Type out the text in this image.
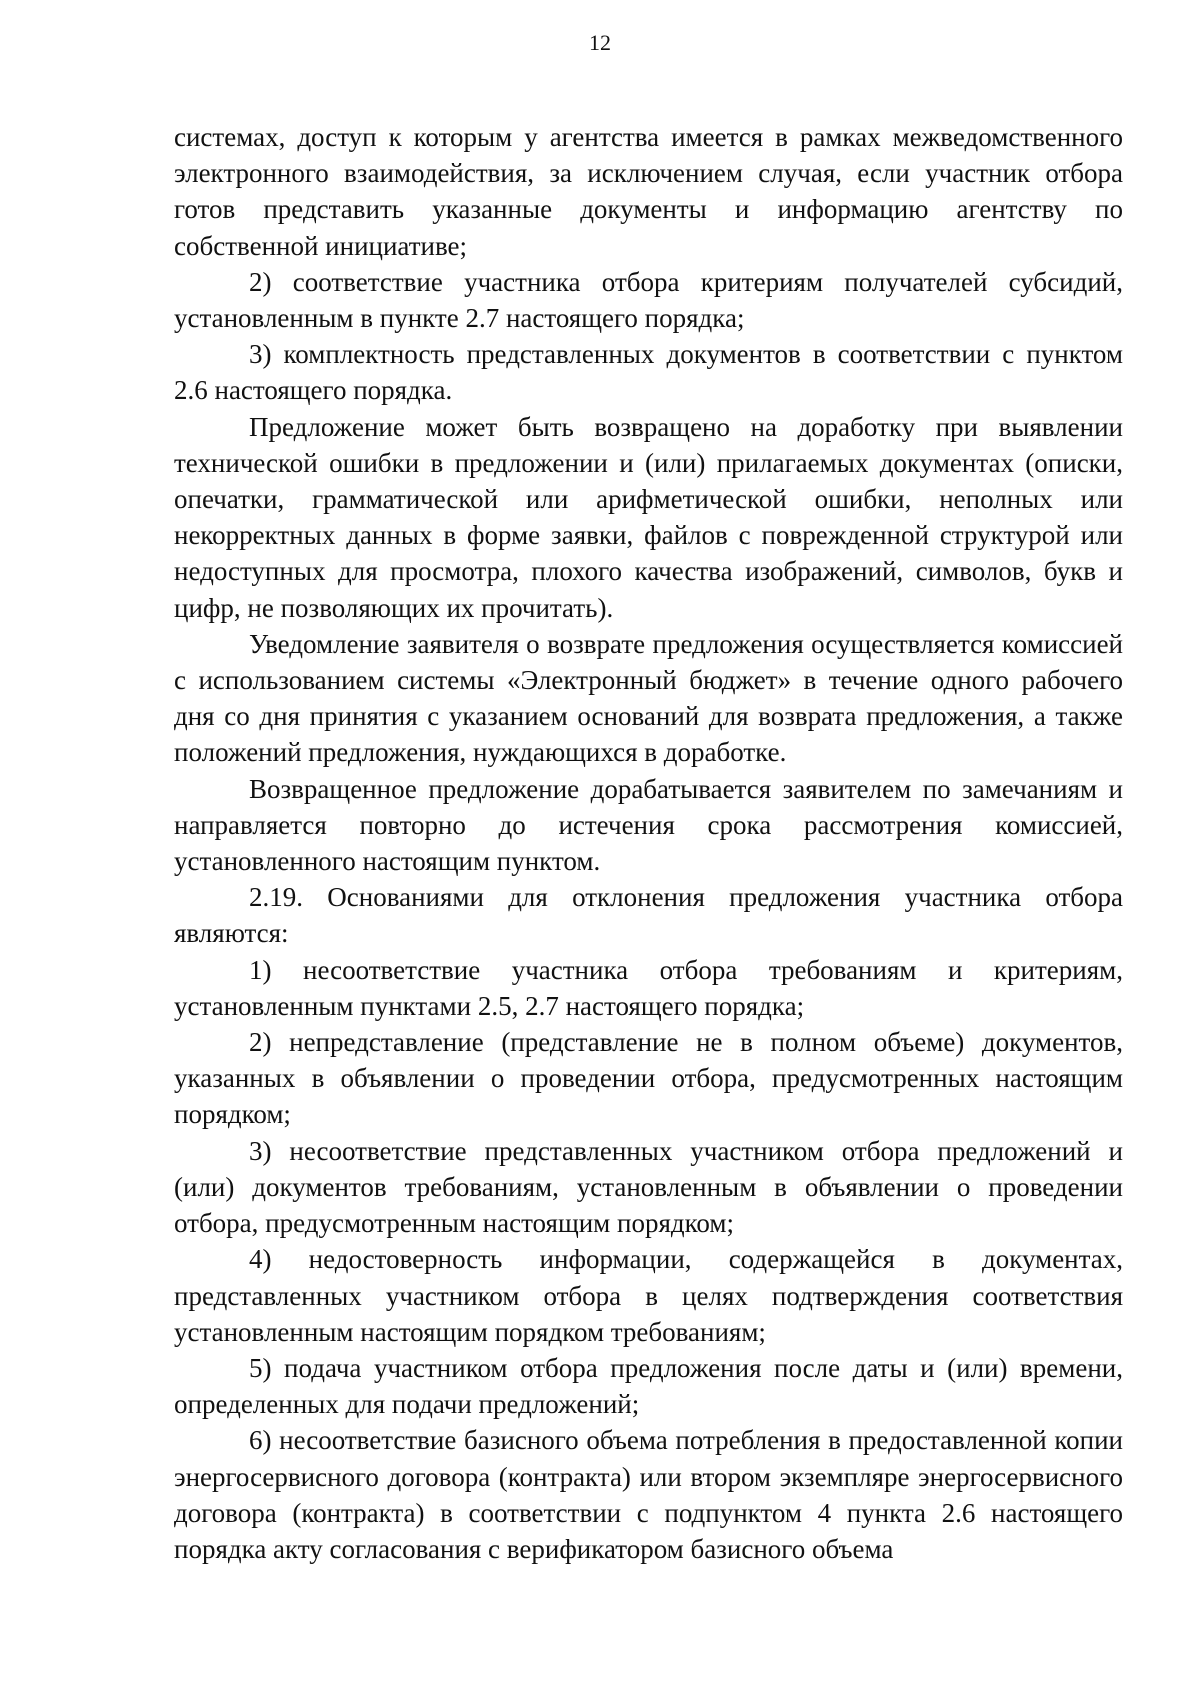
12

системах, доступ к которым у агентства имеется в рамках межведомственного электронного взаимодействия, за исключением случая, если участник отбора готов представить указанные документы и информацию агентству по собственной инициативе;

2) соответствие участника отбора критериям получателей субсидий, установленным в пункте 2.7 настоящего порядка;

3) комплектность представленных документов в соответствии с пунктом 2.6 настоящего порядка.

Предложение может быть возвращено на доработку при выявлении технической ошибки в предложении и (или) прилагаемых документах (описки, опечатки, грамматической или арифметической ошибки, неполных или некорректных данных в форме заявки, файлов с поврежденной структурой или недоступных для просмотра, плохого качества изображений, символов, букв и цифр, не позволяющих их прочитать).

Уведомление заявителя о возврате предложения осуществляется комиссией с использованием системы «Электронный бюджет» в течение одного рабочего дня со дня принятия с указанием оснований для возврата предложения, а также положений предложения, нуждающихся в доработке.

Возвращенное предложение дорабатывается заявителем по замечаниям и направляется повторно до истечения срока рассмотрения комиссией, установленного настоящим пунктом.

2.19. Основаниями для отклонения предложения участника отбора являются:

1) несоответствие участника отбора требованиям и критериям, установленным пунктами 2.5, 2.7 настоящего порядка;

2) непредставление (представление не в полном объеме) документов, указанных в объявлении о проведении отбора, предусмотренных настоящим порядком;

3) несоответствие представленных участником отбора предложений и (или) документов требованиям, установленным в объявлении о проведении отбора, предусмотренным настоящим порядком;

4) недостоверность информации, содержащейся в документах, представленных участником отбора в целях подтверждения соответствия установленным настоящим порядком требованиям;

5) подача участником отбора предложения после даты и (или) времени, определенных для подачи предложений;

6) несоответствие базисного объема потребления в предоставленной копии энергосервисного договора (контракта) или втором экземпляре энергосервисного договора (контракта) в соответствии с подпунктом 4 пункта 2.6 настоящего порядка акту согласования с верификатором базисного объема
